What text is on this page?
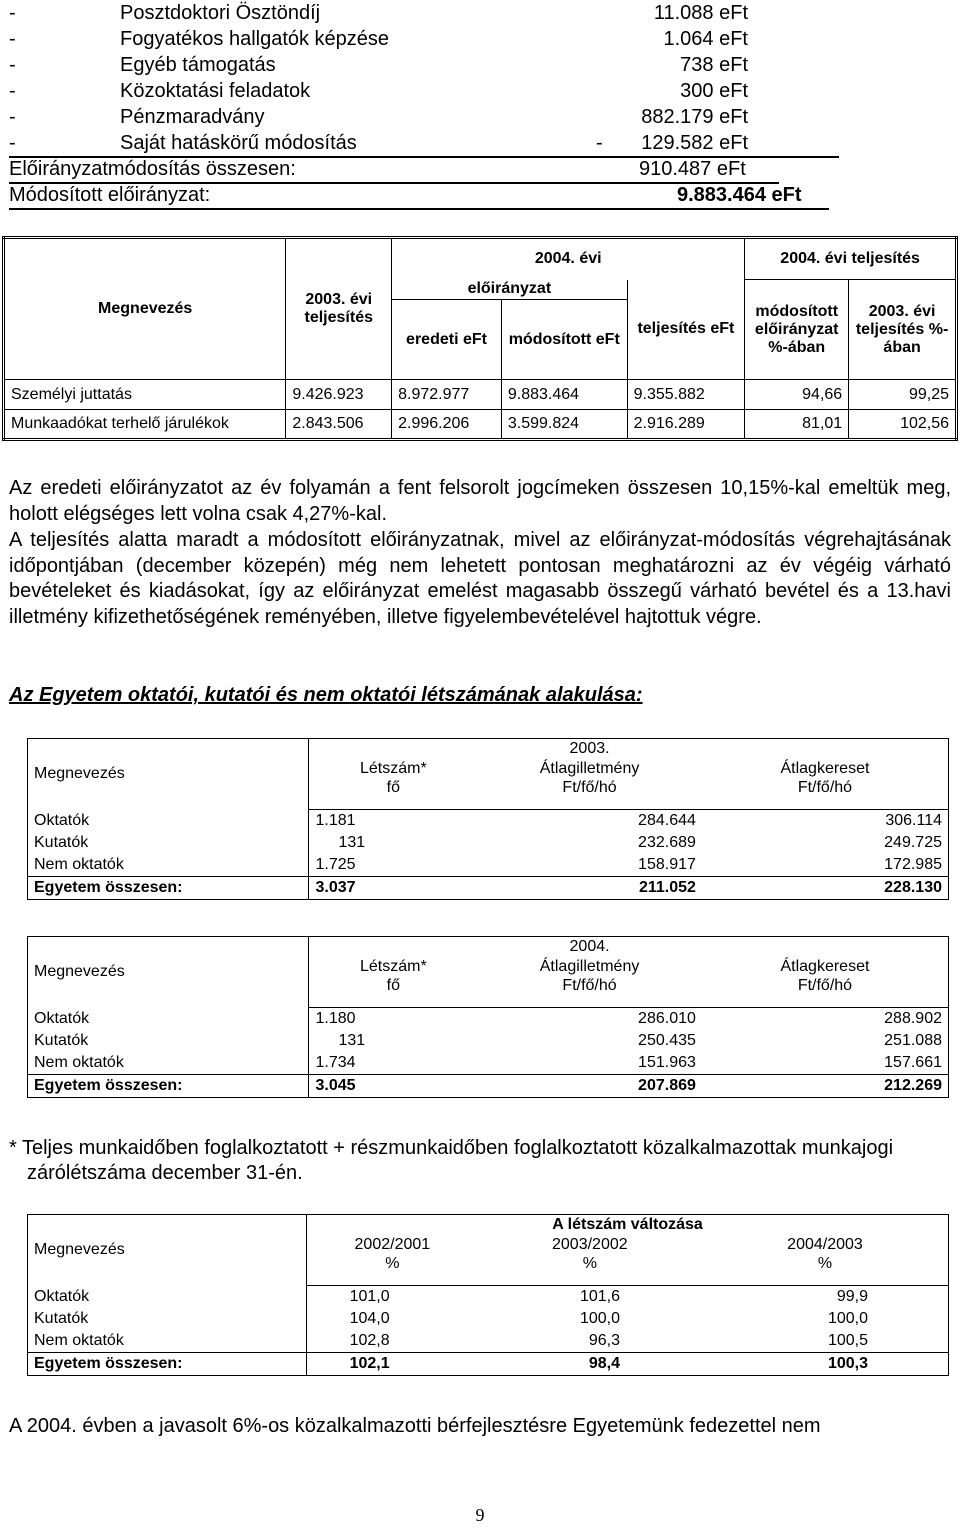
-	Posztdoktori Ösztöndíj	11.088 eFt
-	Fogyatékos hallgatók képzése	1.064 eFt
-	Egyéb támogatás	738 eFt
-	Közoktatási feladatok	300 eFt
-	Pénzmaradvány	882.179 eFt
-	Saját hatáskörű módosítás	- 129.582 eFt
Előirányzatmódosítás összesen:	910.487 eFt
Módosított előirányzat:	9.883.464 eFt
Megnevezés	2003. évi teljesítés	2004. évi			2004. évi teljesítés	
		előirányzat		teljesítés eFt	módosított előirányzat %-ában	2003. évi teljesítés %-ában
		eredeti eFt	módosított eFt			
Személyi juttatás	9.426.923	8.972.977	9.883.464	9.355.882	94,66	99,25
Munkaadókat terhelő járulékok	2.843.506	2.996.206	3.599.824	2.916.289	81,01	102,56
Az eredeti előirányzatot az év folyamán a fent felsorolt jogcímeken összesen 10,15%-kal emeltük meg, holott elégséges lett volna csak 4,27%-kal.
A teljesítés alatta maradt a módosított előirányzatnak, mivel az előirányzat-módosítás végrehajtásának időpontjában (december közepén) még nem lehetett pontosan meghatározni az év végéig várható bevételeket és kiadásokat, így az előirányzat emelést magasabb összegű várható bevétel és a 13.havi illetmény kifizethetőségének reményében, illetve figyelembevételével hajtottuk végre.
Az Egyetem oktatói, kutatói és nem oktatói létszámának alakulása:
Megnevezés		2003.	
	Létszám*	Átlagilletmény	Átlagkereset
	fő	Ft/fő/hó	Ft/fő/hó
Oktatók	1.181	284.644	306.114
Kutatók	131	232.689	249.725
Nem oktatók	1.725	158.917	172.985
Egyetem összesen:	3.037	211.052	228.130
Megnevezés		2004.	
	Létszám*	Átlagilletmény	Átlagkereset
	fő	Ft/fő/hó	Ft/fő/hó
Oktatók	1.180	286.010	288.902
Kutatók	131	250.435	251.088
Nem oktatók	1.734	151.963	157.661
Egyetem összesen:	3.045	207.869	212.269
* Teljes munkaidőben foglalkoztatott + részmunkaidőben foglalkoztatott közalkalmazottak munkajogi zárólétszáma december 31-én.
Megnevezés	A létszám változása		
	2002/2001	2003/2002	2004/2003
	%	%	%
Oktatók	101,0	101,6	99,9
Kutatók	104,0	100,0	100,0
Nem oktatók	102,8	96,3	100,5
Egyetem összesen:	102,1	98,4	100,3
A 2004. évben a javasolt 6%-os közalkalmazotti bérfejlesztésre Egyetemünk fedezettel nem
9
